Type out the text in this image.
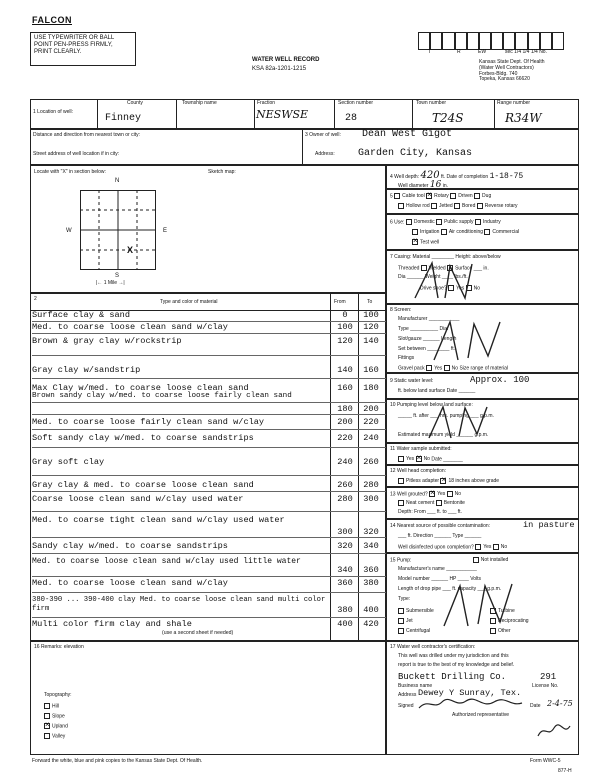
FALCON
USE TYPEWRITER OR BALL POINT PEN-PRESS FIRMLY, PRINT CLEARLY.
WATER WELL RECORD
KSA 82a-1201-1215
T	R	EW	sec 1/4 1/4 1/4 No.
Kansas State Dept. Of Health
(Water Well Contractors)
Forbes-Bldg. 740
Topeka, Kansas 66620
1 Location of well:
County
Finney
Township name	Fraction
NESWSE
Section number
28
Town number
T24S
Range number
R34W
Distance and direction from nearest town or city:
Street address of well location if in city:
3 Owner of well: Dean West Gigot
Address: Garden City, Kansas
Locate with "X" in section below:	Sketch map:
N
S
W	E
X
|← 1 Mile →|
2	Type and color of material	From	To
Surface clay & sand	0	100
Med. to coarse loose clean sand w/clay	100	120
Brown & gray clay w/rockstrip	120	140
Gray clay w/sandstrip	140	160
Max Clay w/med. to coarse loose clean sand	160	180
Brown sandy clay w/med. to coarse loose fairly clean sand
180	200
Med. to coarse loose fairly clean sand w/clay	200	220
Soft sandy clay w/med. to coarse sandstrips	220	240
Gray soft clay	240	260
Gray clay & med. to coarse loose clean sand	260	280
Coarse loose clean sand w/clay used water	280	300
Med. to coarse tight clean sand w/clay used water
300	320
Sandy clay w/med. to coarse sandstrips	320	340
Med. to coarse loose clean sand w/clay used little water
340	360
Med. to coarse loose clean sand w/clay	360	380
380-390 ... 390-400 clay Med. to coarse loose clean sand multi color firm	380	400
Multi color firm clay and shale	400	420
(use a second sheet if needed)
16 Remarks: elevation
Topography:
Hill
Slope
×Upland
Valley
4 Well depth: 420 ft. Date of completion 1-18-75
Well diameter 16 in.
5 Cable tool × Rotary Driven Dug
Hollow rod Jetted Bored Reverse rotary
6 Use: Domestic Public supply Industry
Irrigation Air conditioning Commercial
×Test well
7 Casing: Material ________ Height: above/below
Threaded Welded Surface ___ in.
Dia ______ Weight ____ lbs./ft.
Drive shoe? Yes No
8 Screen:
Manufacturer ___________
Type __________ Dia.
Slot/gauze ______ Length
Set between ________ ft.
Fittings
Gravel pack Yes No Size range of material
9 Static water level:	Approx. 100
ft. below land surface Date ______
10 Pumping level below land surface:
_____ ft. after ___ hrs. pumping ___ g.p.m.
Estimated maximum yield ______ g.p.m.
11 Water sample submitted:
Yes × No Date _______
12 Well head completion:
Pitless adapter × 18 inches above grade
13 Well grouted? × Yes No
Neat cement Bentonite
Depth: From ___ ft. to ___ ft.
14 Nearest source of possible contamination:	in pasture
___ ft. Direction ______ Type ______
Well disinfected upon completion? Yes No
15 Pump:	Not installed
Manufacturer's name ___________
Model number ______ HP ____ Volts
Length of drop pipe ___ ft. capacity ___ g.p.m.
Type:
Submersible
Jet
Centrifugal
Turbine
Reciprocating
Other
17 Water well contractor's certification:
This well was drilled under my jurisdiction and this
report is true to the best of my knowledge and belief.
Buckett Drilling Co.	291
Business name	License No.
Address Dewey Y Sunray, Tex.
Signed	Date 2-4-75
Authorized representative
Forward the white, blue and pink copies to the Kansas State Dept. Of Health.	Form WWC-5
877-H
